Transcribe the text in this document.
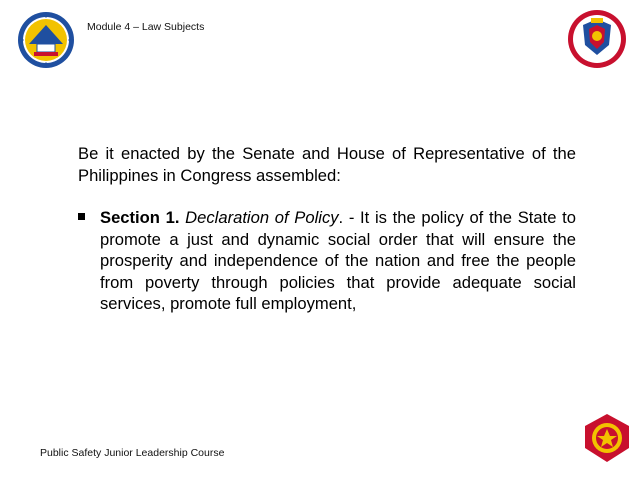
Module 4 – Law Subjects

Be it enacted by the Senate and House of Representative of the Philippines in Congress assembled:

Section 1. Declaration of Policy. - It is the policy of the State to promote a just and dynamic social order that will ensure the prosperity and independence of the nation and free the people from poverty through policies that provide adequate social services, promote full employment,
Public Safety Junior Leadership Course
